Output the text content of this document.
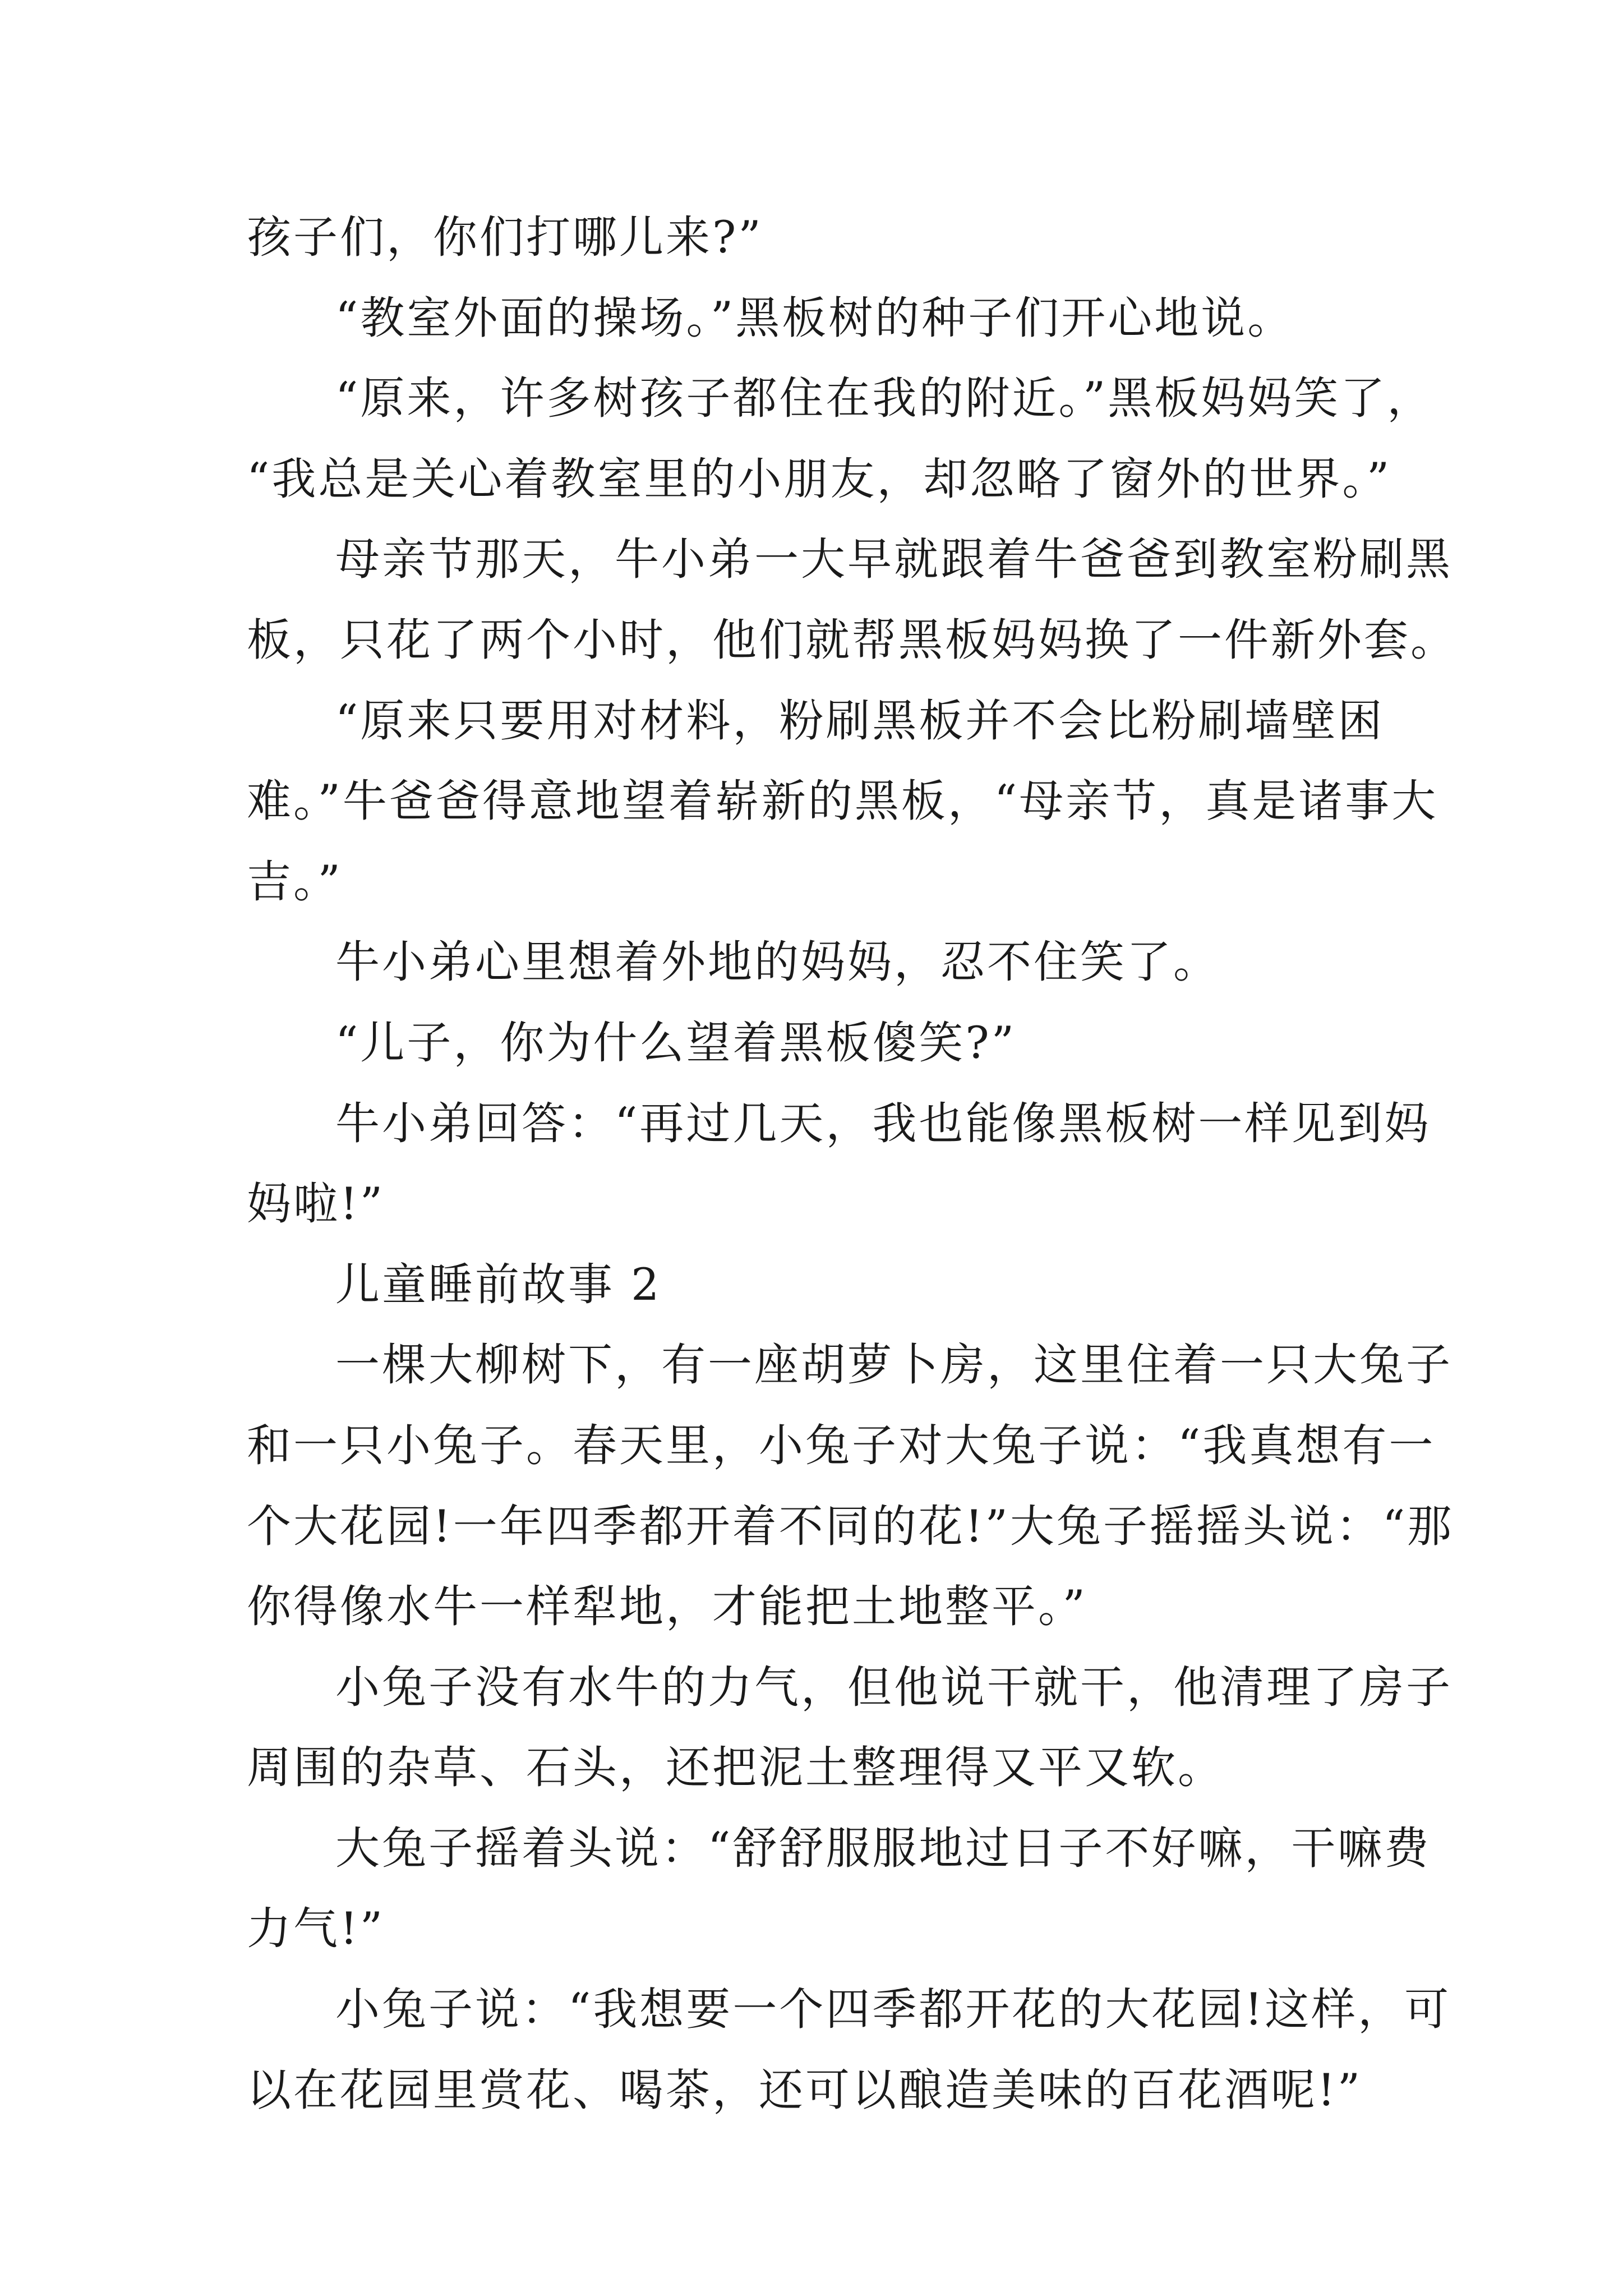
孩子们，你们打哪儿来?”
“教室外面的操场。”黑板树的种子们开心地说。
“原来，许多树孩子都住在我的附近。”黑板妈妈笑了，
“我总是关心着教室里的小朋友，却忽略了窗外的世界。”
母亲节那天，牛小弟一大早就跟着牛爸爸到教室粉刷黑
板，只花了两个小时，他们就帮黑板妈妈换了一件新外套。
“原来只要用对材料，粉刷黑板并不会比粉刷墙壁困
难。”牛爸爸得意地望着崭新的黑板，“母亲节，真是诸事大
吉。”
牛小弟心里想着外地的妈妈，忍不住笑了。
“儿子，你为什么望着黑板傻笑?”
牛小弟回答：“再过几天，我也能像黑板树一样见到妈
妈啦!”
儿童睡前故事 2
一棵大柳树下，有一座胡萝卜房，这里住着一只大兔子
和一只小兔子。春天里，小兔子对大兔子说：“我真想有一
个大花园!一年四季都开着不同的花!”大兔子摇摇头说：“那
你得像水牛一样犁地，才能把土地整平。”
小兔子没有水牛的力气，但他说干就干，他清理了房子
周围的杂草、石头，还把泥土整理得又平又软。
大兔子摇着头说：“舒舒服服地过日子不好嘛，干嘛费
力气!”
小兔子说：“我想要一个四季都开花的大花园!这样，可
以在花园里赏花、喝茶，还可以酿造美味的百花酒呢!”
